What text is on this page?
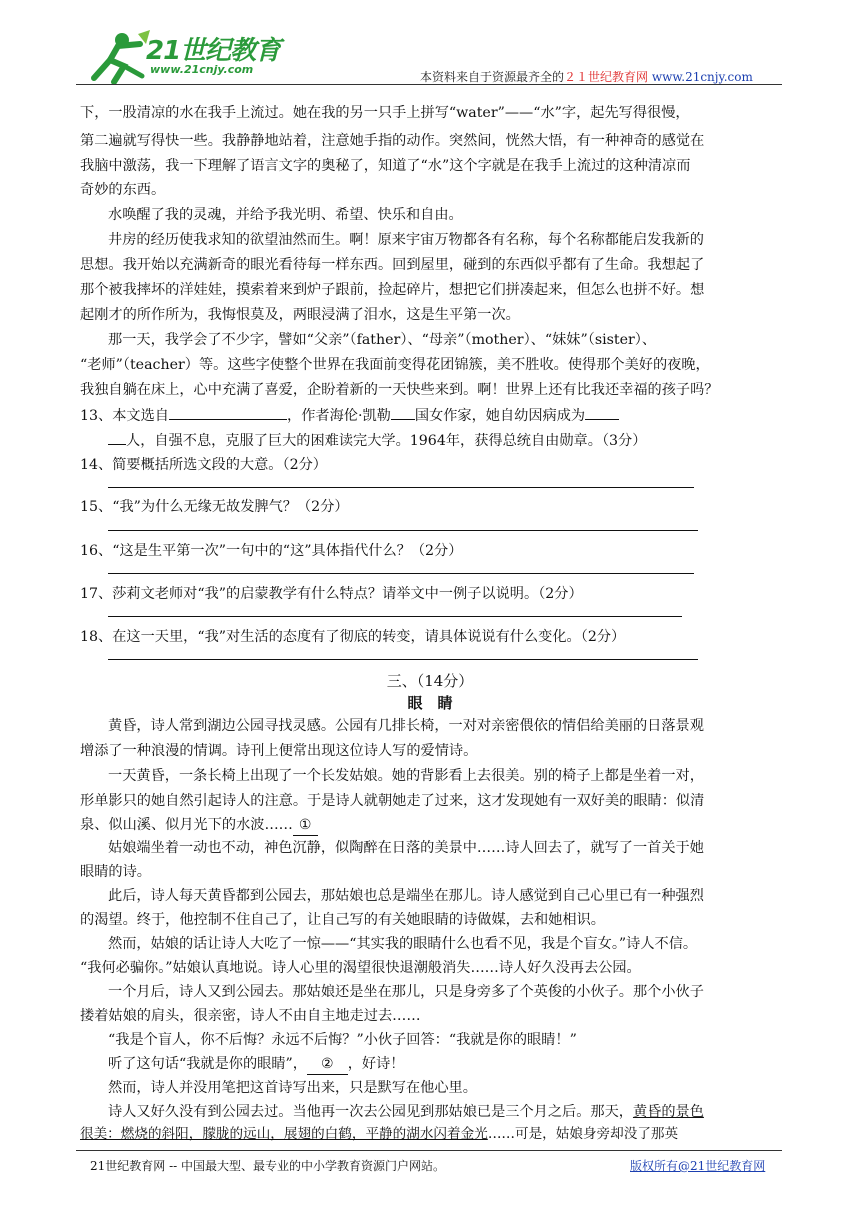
21世纪教育
www.21cnjy.com
本资料来自于资源最齐全的２１世纪教育网 www.21cnjy.com
下，一股清凉的水在我手上流过。她在我的另一只手上拼写“water”——“水”字，起先写得很慢，
第二遍就写得快一些。我静静地站着，注意她手指的动作。突然间，恍然大悟，有一种神奇的感觉在
我脑中激荡，我一下理解了语言文字的奥秘了，知道了“水”这个字就是在我手上流过的这种清凉而
奇妙的东西。
水唤醒了我的灵魂，并给予我光明、希望、快乐和自由。
井房的经历使我求知的欲望油然而生。啊！原来宇宙万物都各有名称，每个名称都能启发我新的
思想。我开始以充满新奇的眼光看待每一样东西。回到屋里，碰到的东西似乎都有了生命。我想起了
那个被我摔坏的洋娃娃，摸索着来到炉子跟前，捡起碎片，想把它们拼凑起来，但怎么也拼不好。想
起刚才的所作所为，我悔恨莫及，两眼浸满了泪水，这是生平第一次。
那一天，我学会了不少字，譬如“父亲”（father）、“母亲”（mother）、“妹妹”（sister）、
“老师”（teacher）等。这些字使整个世界在我面前变得花团锦簇，美不胜收。使得那个美好的夜晚，
我独自躺在床上，心中充满了喜爱，企盼着新的一天快些来到。啊！世界上还有比我还幸福的孩子吗？
13、本文选自	，作者海伦·凯勒 国女作家，她自幼因病成为
人，自强不息，克服了巨大的困难读完大学。1964年，获得总统自由勋章。（3分）
14、简要概括所选文段的大意。（2分）
15、“我”为什么无缘无故发脾气？（2分）
16、“这是生平第一次”一句中的“这”具体指代什么？（2分）
17、莎莉文老师对“我”的启蒙教学有什么特点？请举文中一例子以说明。（2分）
18、在这一天里，“我”对生活的态度有了彻底的转变，请具体说说有什么变化。（2分）
三、（14分）
眼　睛
黄昏，诗人常到湖边公园寻找灵感。公园有几排长椅，一对对亲密偎依的情侣给美丽的日落景观
增添了一种浪漫的情调。诗刊上便常出现这位诗人写的爱情诗。
一天黄昏，一条长椅上出现了一个长发姑娘。她的背影看上去很美。别的椅子上都是坐着一对，
形单影只的她自然引起诗人的注意。于是诗人就朝她走了过来，这才发现她有一双好美的眼睛：似清
泉、似山溪、似月光下的水波…… ①
姑娘端坐着一动也不动，神色沉静，似陶醉在日落的美景中……诗人回去了，就写了一首关于她
眼睛的诗。
此后，诗人每天黄昏都到公园去，那姑娘也总是端坐在那儿。诗人感觉到自己心里已有一种强烈
的渴望。终于，他控制不住自己了，让自己写的有关她眼睛的诗做媒，去和她相识。
然而，姑娘的话让诗人大吃了一惊——“其实我的眼睛什么也看不见，我是个盲女。”诗人不信。
“我何必骗你。”姑娘认真地说。诗人心里的渴望很快退潮般消失……诗人好久没再去公园。
一个月后，诗人又到公园去。那姑娘还是坐在那儿，只是身旁多了个英俊的小伙子。那个小伙子
搂着姑娘的肩头，很亲密，诗人不由自主地走过去……
“我是个盲人，你不后悔？永远不后悔？”小伙子回答：“我就是你的眼睛！”
听了这句话“我就是你的眼睛”， ② ，好诗！
然而，诗人并没用笔把这首诗写出来，只是默写在他心里。
诗人又好久没有到公园去过。当他再一次去公园见到那姑娘已是三个月之后。那天，黄昏的景色
很美：燃烧的斜阳，朦胧的远山，展翅的白鹤，平静的湖水闪着金光……可是，姑娘身旁却没了那英
21世纪教育网 -- 中国最大型、最专业的中小学教育资源门户网站。	版权所有@21世纪教育网
